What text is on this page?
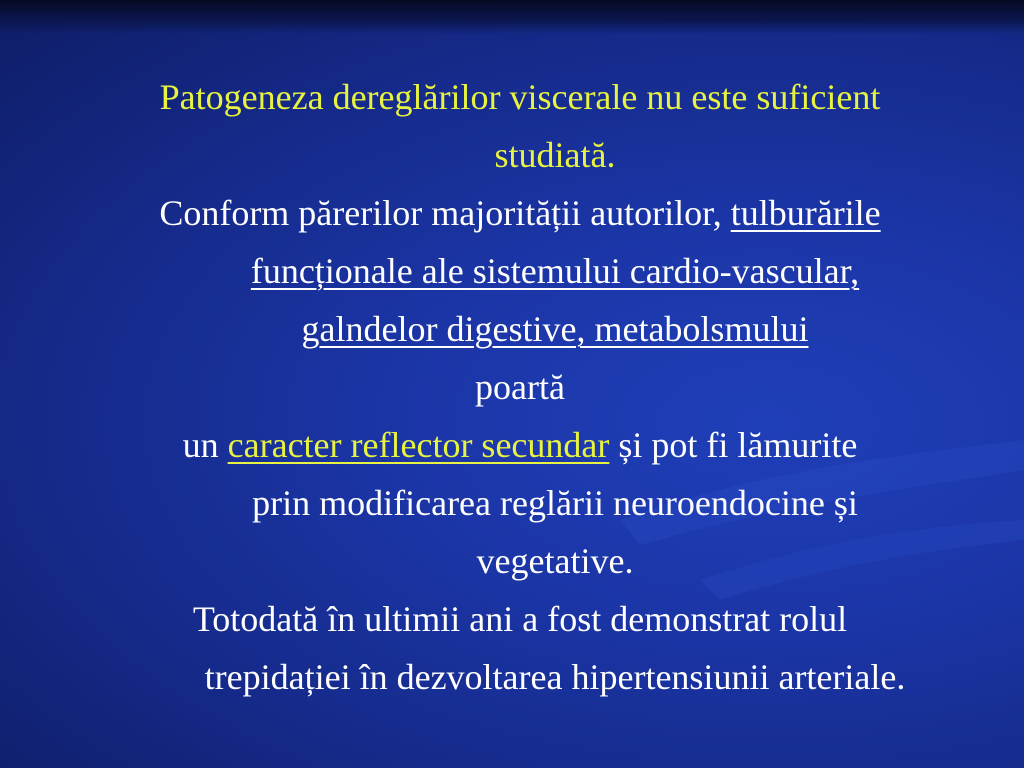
Patogeneza dereglărilor viscerale nu este suficient
studiată.

Conform părerilor majorității autorilor, tulburările
funcționale ale sistemului cardio-vascular,
galndelor digestive, metabolsmului

poartă

un caracter reflector secundar și pot fi lămurite
prin modificarea reglării neuroendocine și
vegetative.

Totodată în ultimii ani a fost demonstrat rolul
trepidației în dezvoltarea hipertensiunii arteriale.
